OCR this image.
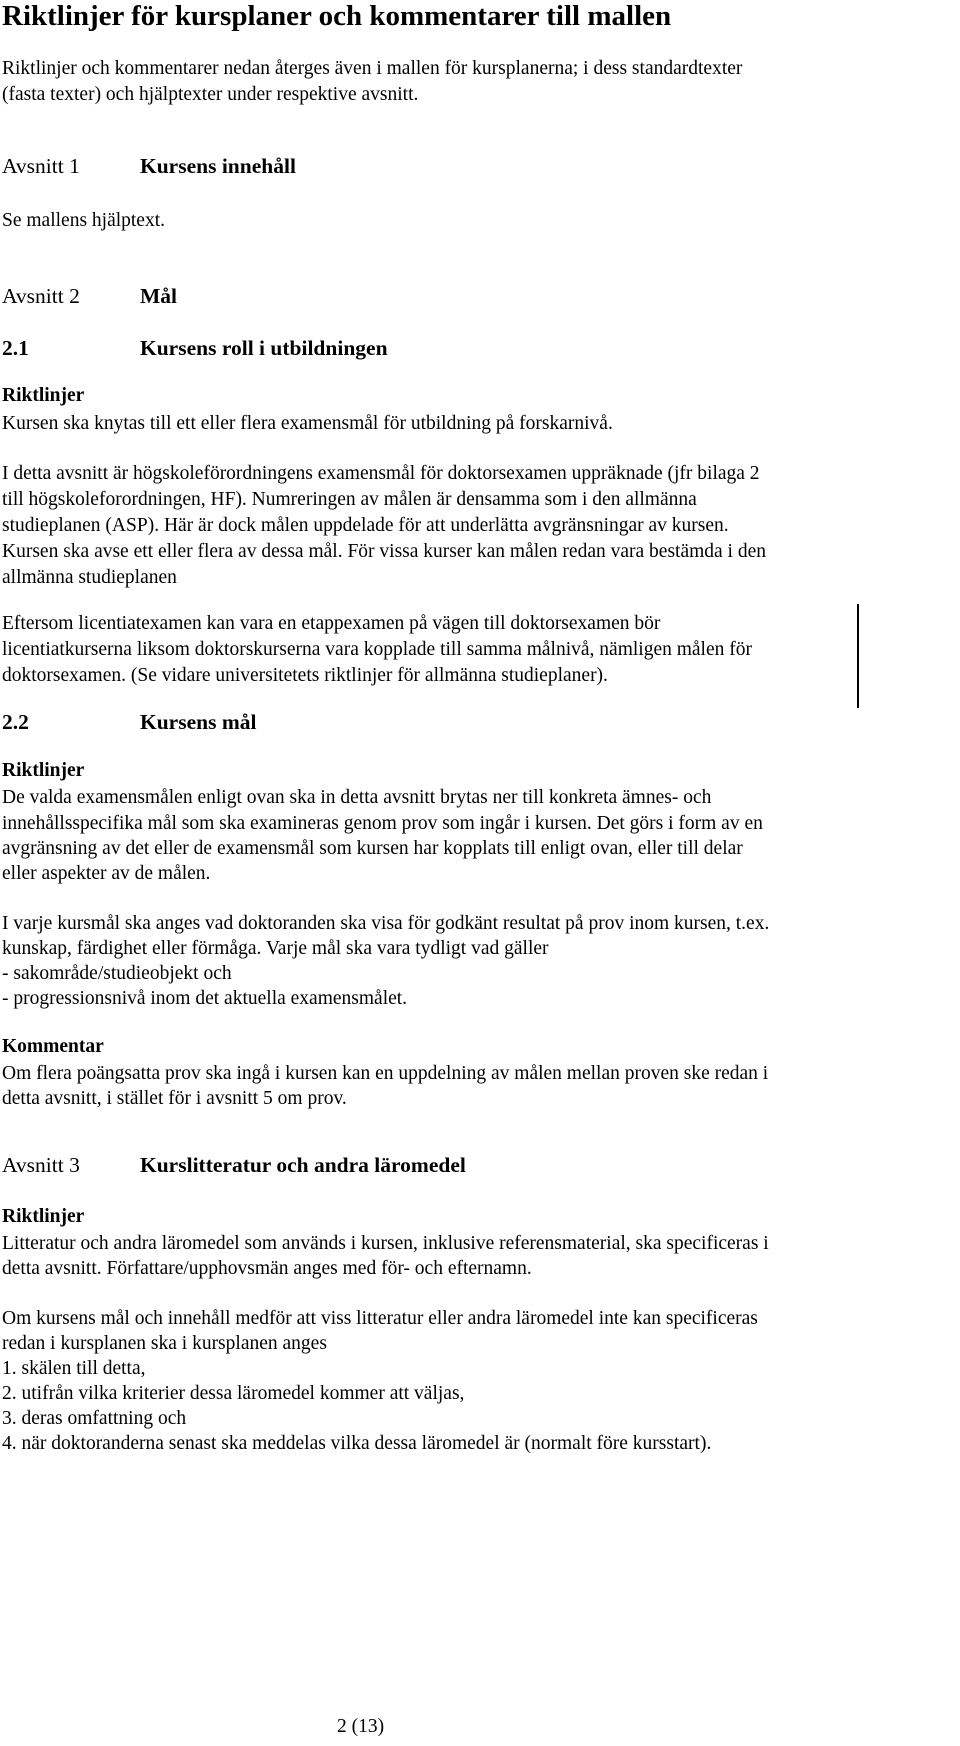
Riktlinjer för kursplaner och kommentarer till mallen
Riktlinjer och kommentarer nedan återges även i mallen för kursplanerna; i dess standardtexter
(fasta texter) och hjälptexter under respektive avsnitt.
Avsnitt 1	Kursens innehåll
Se mallens hjälptext.
Avsnitt 2	Mål
2.1	Kursens roll i utbildningen
Riktlinjer
Kursen ska knytas till ett eller flera examensmål för utbildning på forskarnivå.
I detta avsnitt är högskoleförordningens examensmål för doktorsexamen uppräknade (jfr bilaga 2
till högskoleforordningen, HF). Numreringen av målen är densamma som i den allmänna
studieplanen (ASP). Här är dock målen uppdelade för att underlätta avgränsningar av kursen.
Kursen ska avse ett eller flera av dessa mål. För vissa kurser kan målen redan vara bestämda i den
allmänna studieplanen
Eftersom licentiatexamen kan vara en etappexamen på vägen till doktorsexamen bör
licentiatkurserna liksom doktorskurserna vara kopplade till samma målnivå, nämligen målen för
doktorsexamen. (Se vidare universitetets riktlinjer för allmänna studieplaner).
2.2	Kursens mål
Riktlinjer
De valda examensmålen enligt ovan ska in detta avsnitt brytas ner till konkreta ämnes- och
innehållsspecifika mål som ska examineras genom prov som ingår i kursen. Det görs i form av en
avgränsning av det eller de examensmål som kursen har kopplats till enligt ovan, eller till delar
eller aspekter av de målen.
I varje kursmål ska anges vad doktoranden ska visa för godkänt resultat på prov inom kursen, t.ex.
kunskap, färdighet eller förmåga. Varje mål ska vara tydligt vad gäller
- sakområde/studieobjekt och
- progressionsnivå inom det aktuella examensmålet.
Kommentar
Om flera poängsatta prov ska ingå i kursen kan en uppdelning av målen mellan proven ske redan i
detta avsnitt, i stället för i avsnitt 5 om prov.
Avsnitt 3	Kurslitteratur och andra läromedel
Riktlinjer
Litteratur och andra läromedel som används i kursen, inklusive referensmaterial, ska specificeras i
detta avsnitt. Författare/upphovsmän anges med för- och efternamn.
Om kursens mål och innehåll medför att viss litteratur eller andra läromedel inte kan specificeras
redan i kursplanen ska i kursplanen anges
1. skälen till detta,
2. utifrån vilka kriterier dessa läromedel kommer att väljas,
3. deras omfattning och
4. när doktoranderna senast ska meddelas vilka dessa läromedel är (normalt före kursstart).
2 (13)
